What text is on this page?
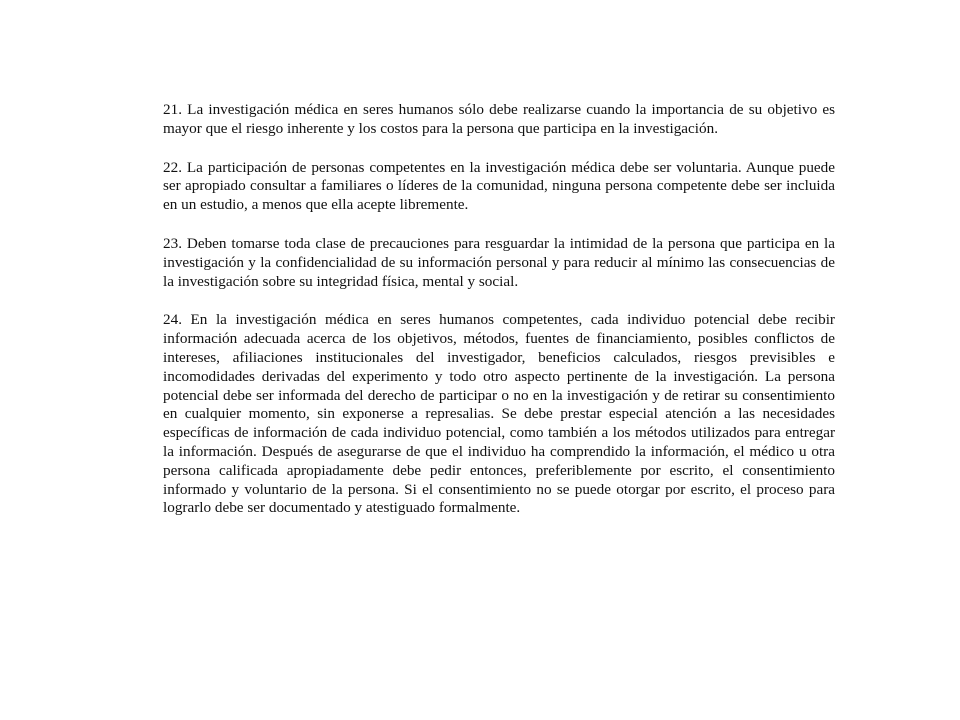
21. La investigación médica en seres humanos sólo debe realizarse cuando la importancia de su objetivo es mayor que el riesgo inherente y los costos para la persona que participa en la investigación.

22. La participación de personas competentes en la investigación médica debe ser voluntaria. Aunque puede ser apropiado consultar a familiares o líderes de la comunidad, ninguna persona competente debe ser incluida en un estudio, a menos que ella acepte libremente.

23. Deben tomarse toda clase de precauciones para resguardar la intimidad de la persona que participa en la investigación y la confidencialidad de su información personal y para reducir al mínimo las consecuencias de la investigación sobre su integridad física, mental y social.

24. En la investigación médica en seres humanos competentes, cada individuo potencial debe recibir información adecuada acerca de los objetivos, métodos, fuentes de financiamiento, posibles conflictos de intereses, afiliaciones institucionales del investigador, beneficios calculados, riesgos previsibles e incomodidades derivadas del experimento y todo otro aspecto pertinente de la investigación. La persona potencial debe ser informada del derecho de participar o no en la investigación y de retirar su consentimiento en cualquier momento, sin exponerse a represalias. Se debe prestar especial atención a las necesidades específicas de información de cada individuo potencial, como también a los métodos utilizados para entregar la información. Después de asegurarse de que el individuo ha comprendido la información, el médico u otra persona calificada apropiadamente debe pedir entonces, preferiblemente por escrito, el consentimiento informado y voluntario de la persona. Si el consentimiento no se puede otorgar por escrito, el proceso para lograrlo debe ser documentado y atestiguado formalmente.
